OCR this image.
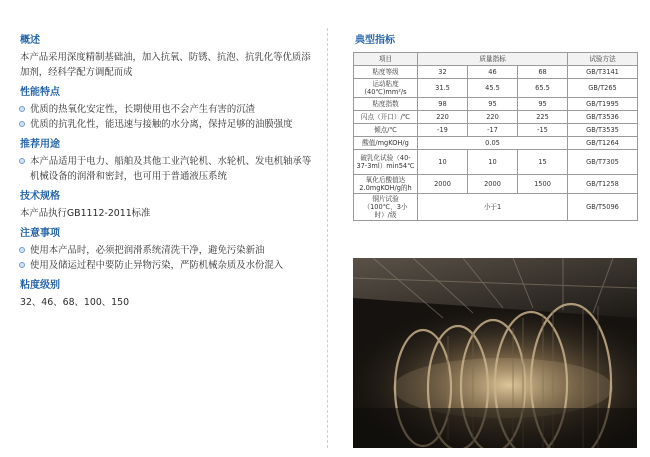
概述
本产品采用深度精制基础油，加入抗氧、防锈、抗泡、抗乳化等优质添加剂，经科学配方调配而成
性能特点
优质的热氧化安定性，长期使用也不会产生有害的沉渣
优质的抗乳化性，能迅速与接触的水分离，保持足够的油膜强度
推荐用途
本产品适用于电力、船舶及其他工业汽轮机、水轮机、发电机轴承等机械设备的润滑和密封，也可用于普通液压系统
技术规格
本产品执行GB1112-2011标准
注意事项
使用本产品时，必须把润滑系统清洗干净，避免污染新油
使用及储运过程中要防止异物污染，严防机械杂质及水份混入
粘度级别
32、46、68、100、150
典型指标
项目	质量指标			试验方法
粘度等级	32	46	68	GB/T3141
运动粘度(40℃)mm²/s	31.5	45.5	65.5	GB/T265
粘度指数	98	95	95	GB/T1995
闪点（开口）/℃	220	220	225	GB/T3536
倾点/℃	-19	-17	-15	GB/T3535
酸值/mgKOH/g	0.05			GB/T1264
破乳化试验（40-37-3ml）min54℃	10	10	15	GB/T7305
氧化后酸值达2.0mgKOH/g的h	2000	2000	1500	GB/T1258
铜片试验（100℃，3小时）/级	小于1			GB/T5096
